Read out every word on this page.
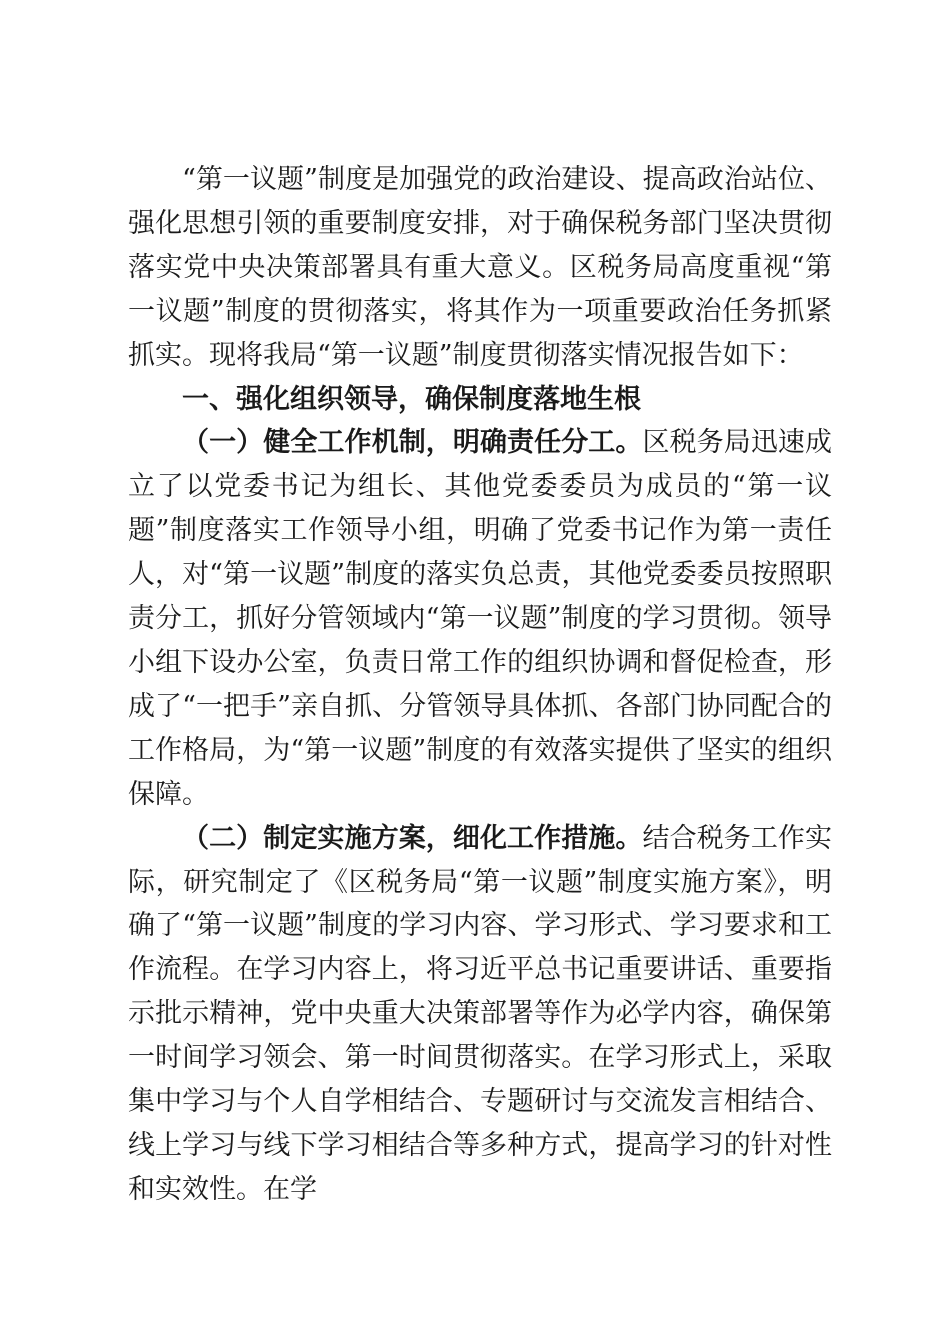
“第一议题”制度是加强党的政治建设、提高政治站位、强化思想引领的重要制度安排，对于确保税务部门坚决贯彻落实党中央决策部署具有重大意义。区税务局高度重视“第一议题”制度的贯彻落实，将其作为一项重要政治任务抓紧抓实。现将我局“第一议题”制度贯彻落实情况报告如下：

一、强化组织领导，确保制度落地生根

（一）健全工作机制，明确责任分工。区税务局迅速成立了以党委书记为组长、其他党委委员为成员的“第一议题”制度落实工作领导小组，明确了党委书记作为第一责任人，对“第一议题”制度的落实负总责，其他党委委员按照职责分工，抓好分管领域内“第一议题”制度的学习贯彻。领导小组下设办公室，负责日常工作的组织协调和督促检查，形成了“一把手”亲自抓、分管领导具体抓、各部门协同配合的工作格局，为“第一议题”制度的有效落实提供了坚实的组织保障。

（二）制定实施方案，细化工作措施。结合税务工作实际，研究制定了《区税务局“第一议题”制度实施方案》，明确了“第一议题”制度的学习内容、学习形式、学习要求和工作流程。在学习内容上，将习近平总书记重要讲话、重要指示批示精神，党中央重大决策部署等作为必学内容，确保第一时间学习领会、第一时间贯彻落实。在学习形式上，采取集中学习与个人自学相结合、专题研讨与交流发言相结合、线上学习与线下学习相结合等多种方式，提高学习的针对性和实效性。在学
